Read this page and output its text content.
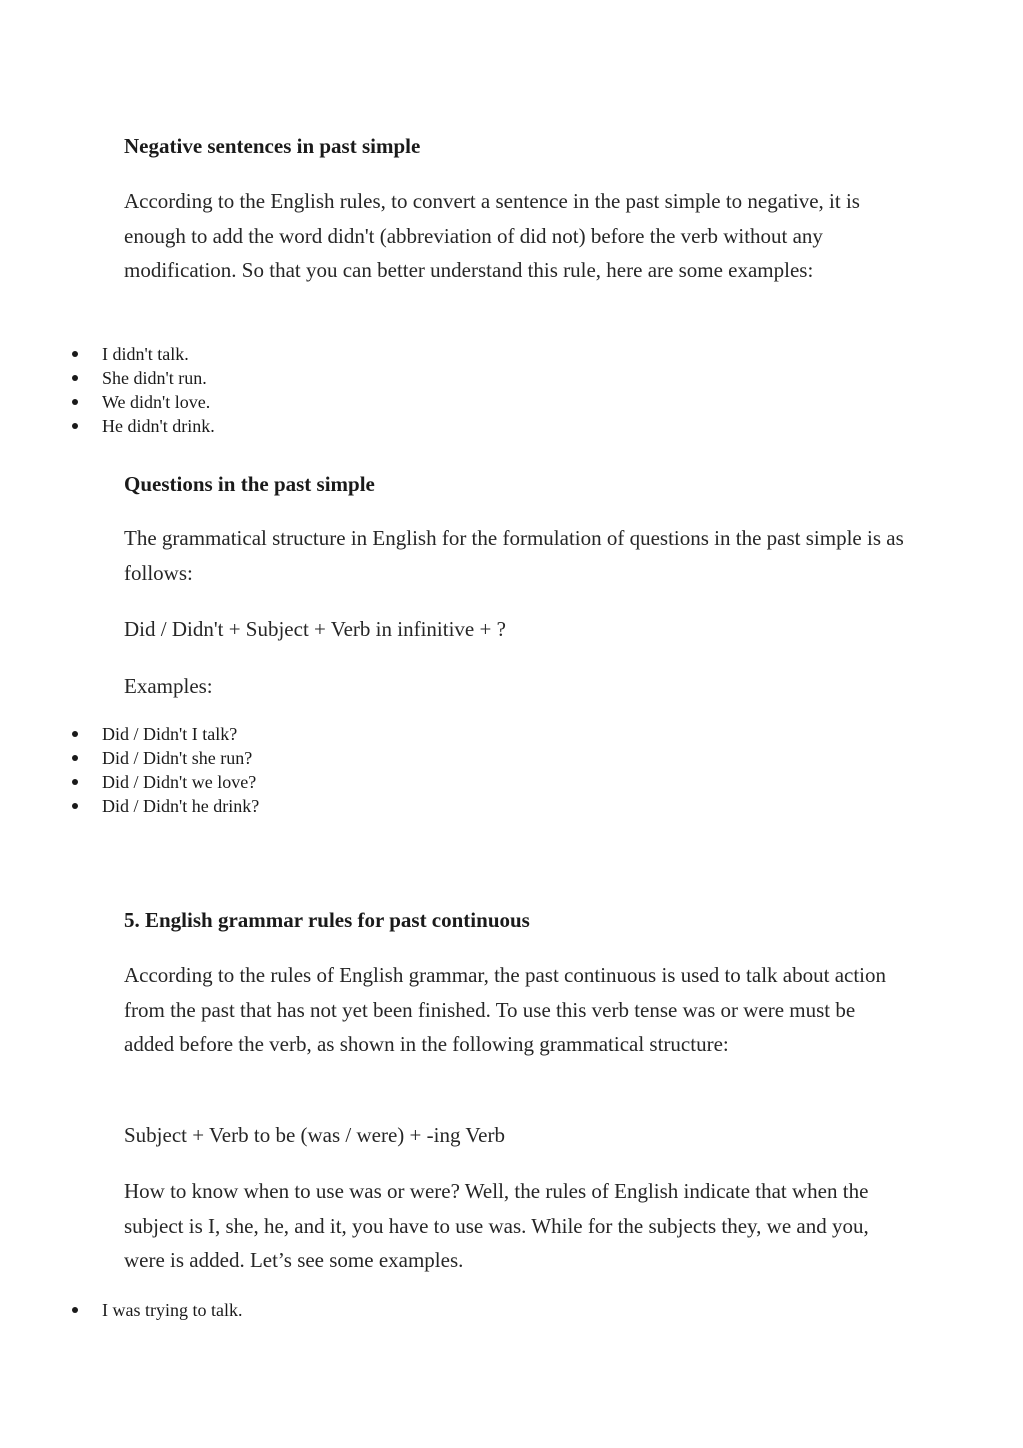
Negative sentences in past simple

According to the English rules, to convert a sentence in the past simple to negative, it is enough to add the word didn't (abbreviation of did not) before the verb without any modification. So that you can better understand this rule, here are some examples:

I didn't talk.
She didn't run.
We didn't love.
He didn't drink.
Questions in the past simple

The grammatical structure in English for the formulation of questions in the past simple is as follows:

Did / Didn't + Subject + Verb in infinitive + ?

Examples:

Did / Didn't I talk?
Did / Didn't she run?
Did / Didn't we love?
Did / Didn't he drink?
5. English grammar rules for past continuous

According to the rules of English grammar, the past continuous is used to talk about action from the past that has not yet been finished. To use this verb tense was or were must be added before the verb, as shown in the following grammatical structure:

Subject + Verb to be (was / were) + -ing Verb

How to know when to use was or were? Well, the rules of English indicate that when the subject is I, she, he, and it, you have to use was. While for the subjects they, we and you, were is added. Let’s see some examples.

I was trying to talk.
